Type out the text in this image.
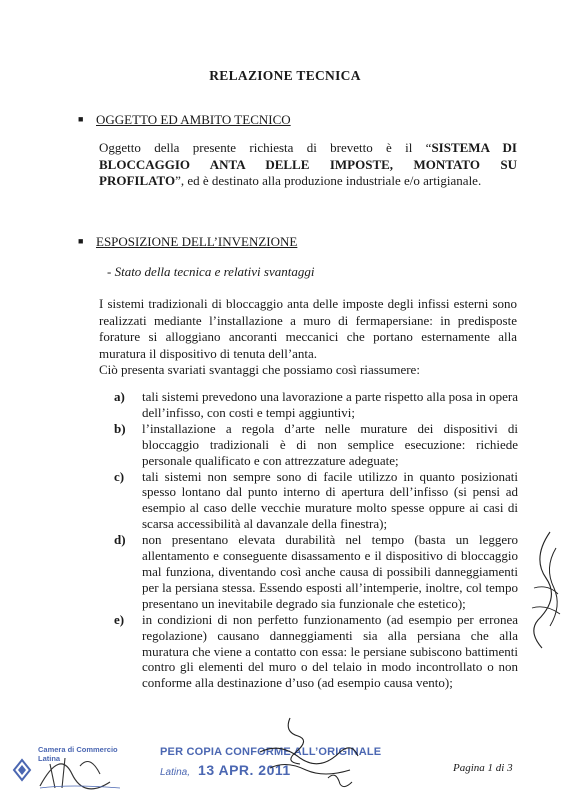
RELAZIONE TECNICA
■ OGGETTO ED AMBITO TECNICO
Oggetto della presente richiesta di brevetto è il “SISTEMA DI BLOCCAGGIO ANTA DELLE IMPOSTE, MONTATO SU PROFILATO”, ed è destinato alla produzione industriale e/o artigianale.
■ ESPOSIZIONE DELL’INVENZIONE
- Stato della tecnica e relativi svantaggi
I sistemi tradizionali di bloccaggio anta delle imposte degli infissi esterni sono realizzati mediante l’installazione a muro di fermapersiane: in predisposte forature si alloggiano ancoranti meccanici che portano esternamente alla muratura il dispositivo di tenuta dell’anta.
Ciò presenta svariati svantaggi che possiamo così riassumere:
a) tali sistemi prevedono una lavorazione a parte rispetto alla posa in opera dell’infisso, con costi e tempi aggiuntivi;
b) l’installazione a regola d’arte nelle murature dei dispositivi di bloccaggio tradizionali è di non semplice esecuzione: richiede personale qualificato e con attrezzature adeguate;
c) tali sistemi non sempre sono di facile utilizzo in quanto posizionati spesso lontano dal punto interno di apertura dell’infisso (si pensi ad esempio al caso delle vecchie murature molto spesse oppure ai casi di scarsa accessibilità al davanzale della finestra);
d) non presentano elevata durabilità nel tempo (basta un leggero allentamento e conseguente disassamento e il dispositivo di bloccaggio mal funziona, diventando così anche causa di possibili danneggiamenti per la persiana stessa. Essendo esposti all’intemperie, inoltre, col tempo presentano un inevitabile degrado sia funzionale che estetico);
e) in condizioni di non perfetto funzionamento (ad esempio per erronea regolazione) causano danneggiamenti sia alla persiana che alla muratura che viene a contatto con essa: le persiane subiscono battimenti contro gli elementi del muro o del telaio in modo incontrollato o non conforme alla destinazione d’uso (ad esempio causa vento);
Camera di Commercio
Latina
PER COPIA CONFORME ALL’ORIGINALE
Latina, 13 APR. 2011	Pagina 1 di 3
